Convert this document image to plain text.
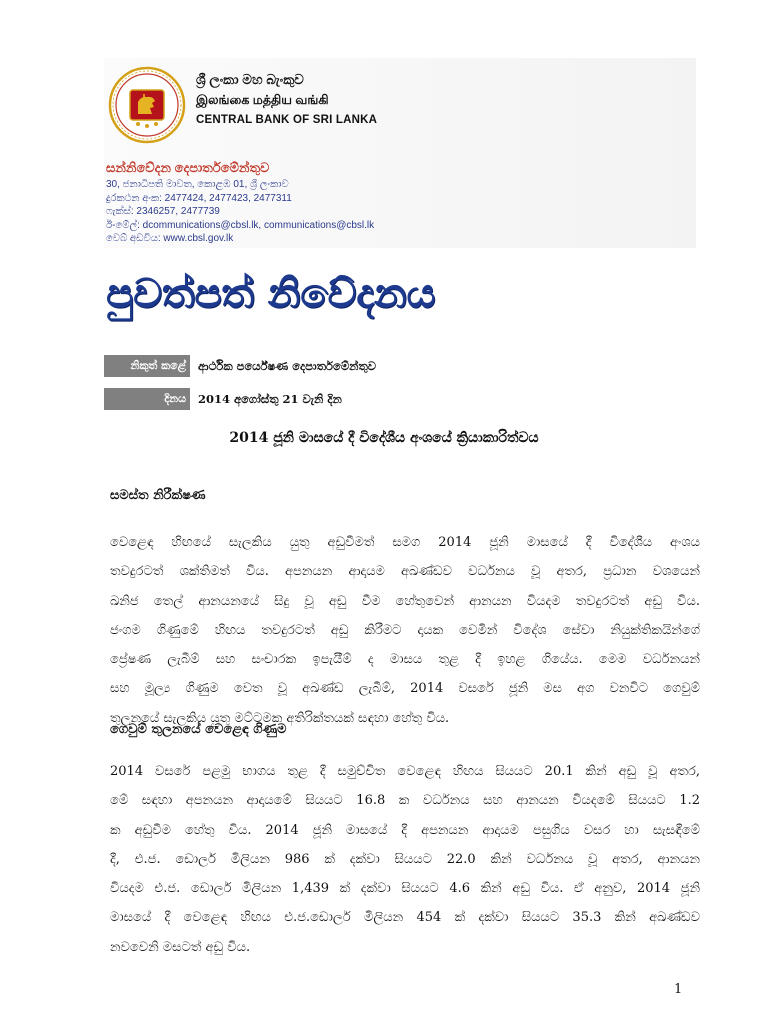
ශ්‍රී ලංකා මහ බැංකුව
இலங்கை மத்திய வங்கி
CENTRAL BANK OF SRI LANKA
සන්නිවේදන දෙපාර්තමේන්තුව
30, ජනාධිපති මාවත, කොළඹ 01, ශ්‍රී ලංකාව
දුරකථන අංක: 2477424, 2477423, 2477311
ෆැක්ස්: 2346257, 2477739
ඊ-මේල්: dcommunications@cbsl.lk, communications@cbsl.lk
වෙබ් අඩවිය: www.cbsl.gov.lk
පුවත්පත් නිවේදනය
නිකුත් කළේ	ආර්ථික පර්යේෂණ දෙපාර්තමේන්තුව
දිනය	2014 අගෝස්තු 21 වැනි දින
2014 ජූනි මාසයේ දී විදේශීය අංශයේ ක්‍රියාකාරිත්වය
සමස්ත නිරීක්ෂණ
වෙළෙඳ හිඟයේ සැලකිය යුතු අඩුවීමත් සමග 2014 ජූනි මාසයේ දී විදේශීය අංශය
තවදුරටත් ශක්තිමත් විය. අපනයන ආදායම අඛණ්ඩව වර්ධනය වූ අතර, ප්‍රධාන වශයෙන්
ඛනිජ තෙල් ආනයනයේ සිදු වූ අඩු වීම හේතුවෙන් ආනයන වියදම තවදුරටත් අඩු විය.
ජංගම ගිණුමේ හිඟය තවදුරටත් අඩු කිරීමට දායක වෙමින් විදේශ සේවා නියුක්තිකයින්ගේ
ප්‍රේෂණ ලැබීම් සහ සංචාරක ඉපැයීම් ද මාසය තුළ දී ඉහළ ගියේය. මෙම වර්ධනයන්
සහ මූල්‍ය ගිණුම වෙත වූ අඛණ්ඩ ලැබීම්, 2014 වසරේ ජූනි මස අග වනවිට ගෙවුම්
තුලනයේ සැලකිය යුතු මට්ටමක අතිරික්තයක් සඳහා හේතු විය.
ගෙවුම් තුලනයේ වෙළෙඳ ගිණුම
2014 වසරේ පළමු භාගය තුළ දී සමුච්චිත වෙළෙඳ හිඟය සියයට 20.1 කින් අඩු වූ අතර,
මේ සඳහා අපනයන ආදායමේ සියයට 16.8 ක වර්ධනය සහ ආනයන වියදමේ සියයට 1.2
ක අඩුවීම හේතු විය. 2014 ජූනි මාසයේ දී අපනයන ආදායම පසුගිය වසර හා සැසඳීමේ
දී, එ.ජ. ඩොලර් මිලියන 986 ක් දක්වා සියයට 22.0 කින් වර්ධනය වූ අතර, ආනයන
වියදම එ.ජ. ඩොලර් මිලියන 1,439 ක් දක්වා සියයට 4.6 කින් අඩු විය. ඒ අනුව, 2014 ජූනි
මාසයේ දී වෙළෙඳ හිඟය එ.ජ.ඩොලර් මිලියන 454 ක් දක්වා සියයට 35.3 කින් අඛණ්ඩව
නවවෙනි මසටත් අඩු විය.
1
